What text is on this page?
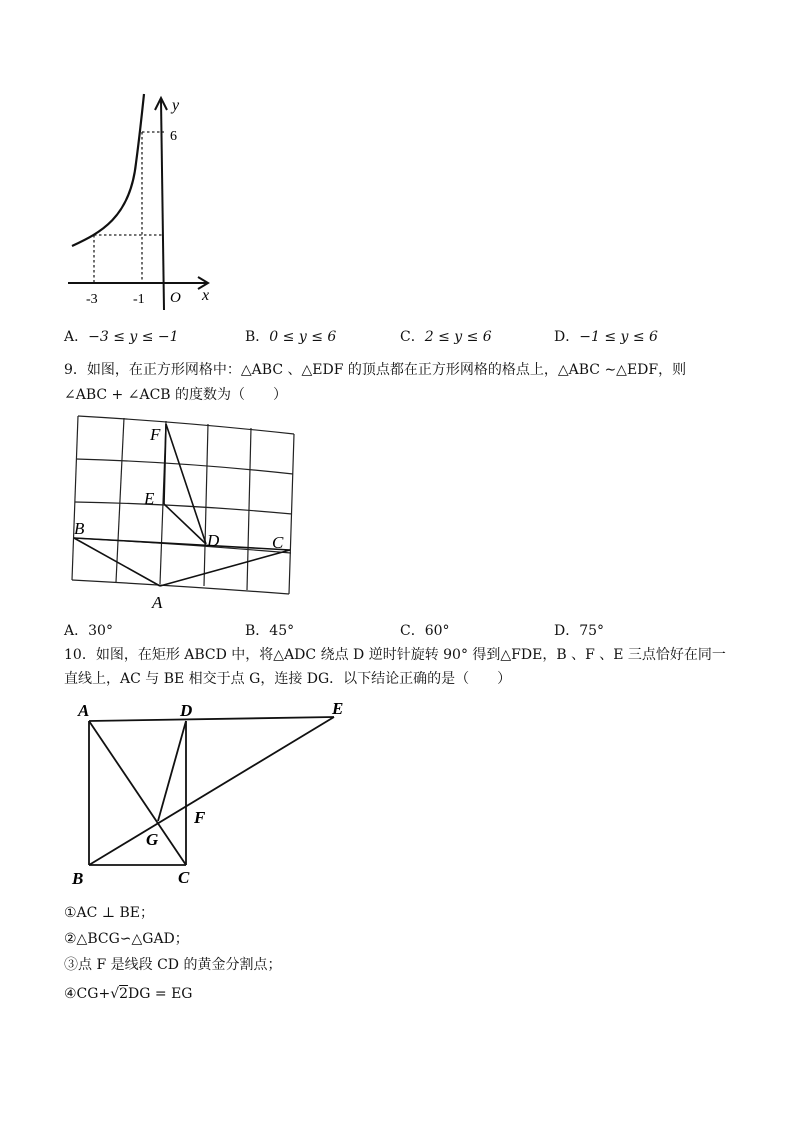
y
x
O
6
-3	-1
A．−3 ≤ y ≤ −1	B．0 ≤ y ≤ 6	C．2 ≤ y ≤ 6	D．−1 ≤ y ≤ 6
9．如图，在正方形网格中：△ABC 、△EDF 的顶点都在正方形网格的格点上，△ABC ∼△EDF，则
∠ABC + ∠ACB 的度数为（　　）
F
E
B
D	C
A
A．30°	B．45°	C．60°	D．75°
10．如图，在矩形 ABCD 中，将△ADC 绕点 D 逆时针旋转 90° 得到△FDE，B 、F 、E 三点恰好在同一
直线上，AC 与 BE 相交于点 G，连接 DG．以下结论正确的是（　　）
A	D	E
F
G
B	C
①AC ⊥ BE；
②△BCG∽△GAD；
③点 F 是线段 CD 的黄金分割点；
④CG+√2DG = EG
